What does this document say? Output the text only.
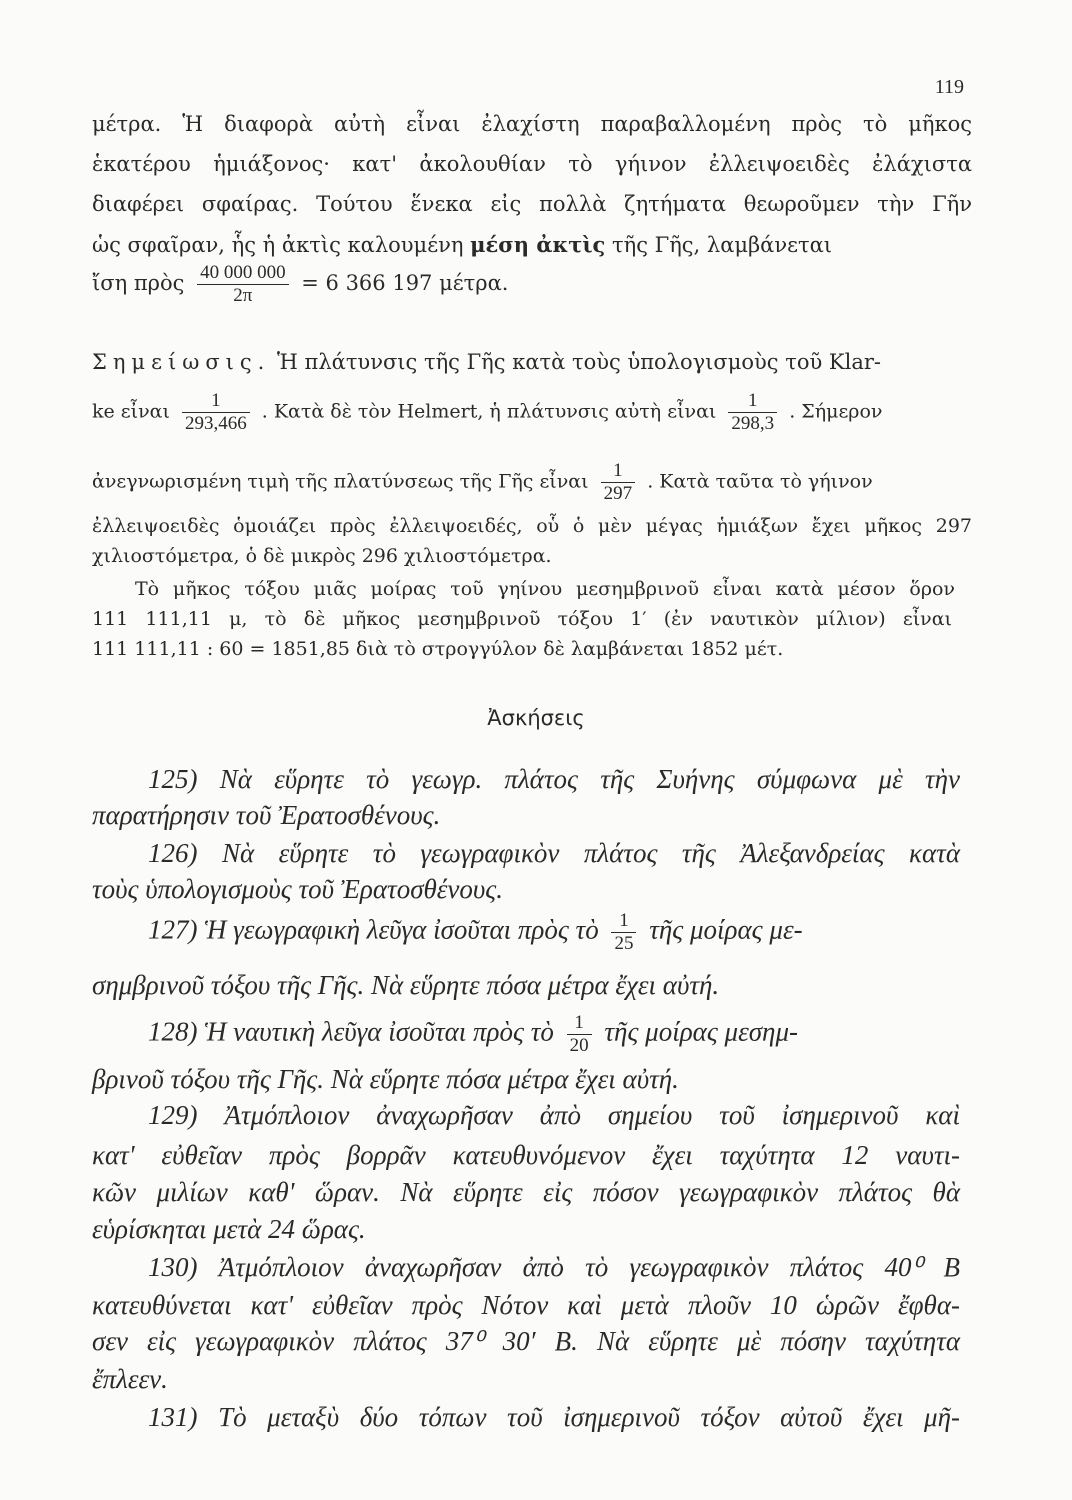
119
μέτρα. Ἡ διαφορὰ αὐτὴ εἶναι ἐλαχίστη παραβαλλομένη πρὸς τὸ μῆκος
ἑκατέρου ἡμιάξονος· κατ' ἀκολουθίαν τὸ γήινον ἐλλειψοειδὲς ἐλάχιστα
διαφέρει σφαίρας. Τούτου ἕνεκα εἰς πολλὰ ζητήματα θεωροῦμεν τὴν Γῆν
ὡς σφαῖραν, ἧς ἡ ἀκτὶς καλουμένη μέση ἀκτὶς τῆς Γῆς, λαμβάνεται
ἴση πρὸς $\frac{40 000 000}{2\pi} = 6$ 366 197 μέτρα.
Σημείωσις. Ἡ πλάτυνσις τῆς Γῆς κατὰ τοὺς ὑπολογισμοὺς τοῦ Klar-
ke εἶναι $\frac{1}{293,466}$ . Κατὰ δὲ τὸν Helmert, ἡ πλάτυνσις αὐτὴ εἶναι $\frac{1}{298,3}$ . Σήμερον
ἀνεγνωρισμένη τιμὴ τῆς πλατύνσεως τῆς Γῆς εἶναι $\frac{1}{297}$ . Κατὰ ταῦτα τὸ γήινον
ἐλλειψοειδὲς ὁμοιάζει πρὸς ἐλλειψοειδές, οὗ ὁ μὲν μέγας ἡμιάξων ἔχει μῆκος 297
χιλιοστόμετρα, ὁ δὲ μικρὸς 296 χιλιοστόμετρα.
Τὸ μῆκος τόξου μιᾶς μοίρας τοῦ γηίνου μεσημβρινοῦ εἶναι κατὰ μέσον ὅρον
111 111,11 μ, τὸ δὲ μῆκος μεσημβρινοῦ τόξου 1′ (ἐν ναυτικὸν μίλιον) εἶναι
111 111,11 : 60 = 1851,85 διὰ τὸ στρογγύλον δὲ λαμβάνεται 1852 μέτ.
Ἀσκήσεις
125) Νὰ εὕρητε τὸ γεωγρ. πλάτος τῆς Συήνης σύμφωνα μὲ τὴν
παρατήρησιν τοῦ Ἐρατοσθένους.
126) Νὰ εὕρητε τὸ γεωγραφικὸν πλάτος τῆς Ἀλεξανδρείας κατὰ
τοὺς ὑπολογισμοὺς τοῦ Ἐρατοσθένους.
127) Ἡ γεωγραφικὴ λεῦγα ἰσοῦται πρὸς τὸ $\frac{1}{25}$ τῆς μοίρας με-
σημβρινοῦ τόξου τῆς Γῆς. Νὰ εὕρητε πόσα μέτρα ἔχει αὐτή.
128) Ἡ ναυτικὴ λεῦγα ἰσοῦται πρὸς τὸ $\frac{1}{20}$ τῆς μοίρας μεσημ-
βρινοῦ τόξου τῆς Γῆς. Νὰ εὕρητε πόσα μέτρα ἔχει αὐτή.
129) Ἀτμόπλοιον ἀναχωρῆσαν ἀπὸ σημείου τοῦ ἰσημερινοῦ καὶ
κατ' εὐθεῖαν πρὸς βορρᾶν κατευθυνόμενον ἔχει ταχύτητα 12 ναυτι-
κῶν μιλίων καθ' ὥραν. Νὰ εὕρητε εἰς πόσον γεωγραφικὸν πλάτος θὰ
εὑρίσκηται μετὰ 24 ὥρας.
130) Ἀτμόπλοιον ἀναχωρῆσαν ἀπὸ τὸ γεωγραφικὸν πλάτος 40⁰ Β
κατευθύνεται κατ' εὐθεῖαν πρὸς Νότον καὶ μετὰ πλοῦν 10 ὡρῶν ἔφθα-
σεν εἰς γεωγραφικὸν πλάτος 37⁰ 30′ Β. Νὰ εὕρητε μὲ πόσην ταχύτητα
ἔπλεεν.
131) Τὸ μεταξὺ δύο τόπων τοῦ ἰσημερινοῦ τόξον αὐτοῦ ἔχει μῆ-
